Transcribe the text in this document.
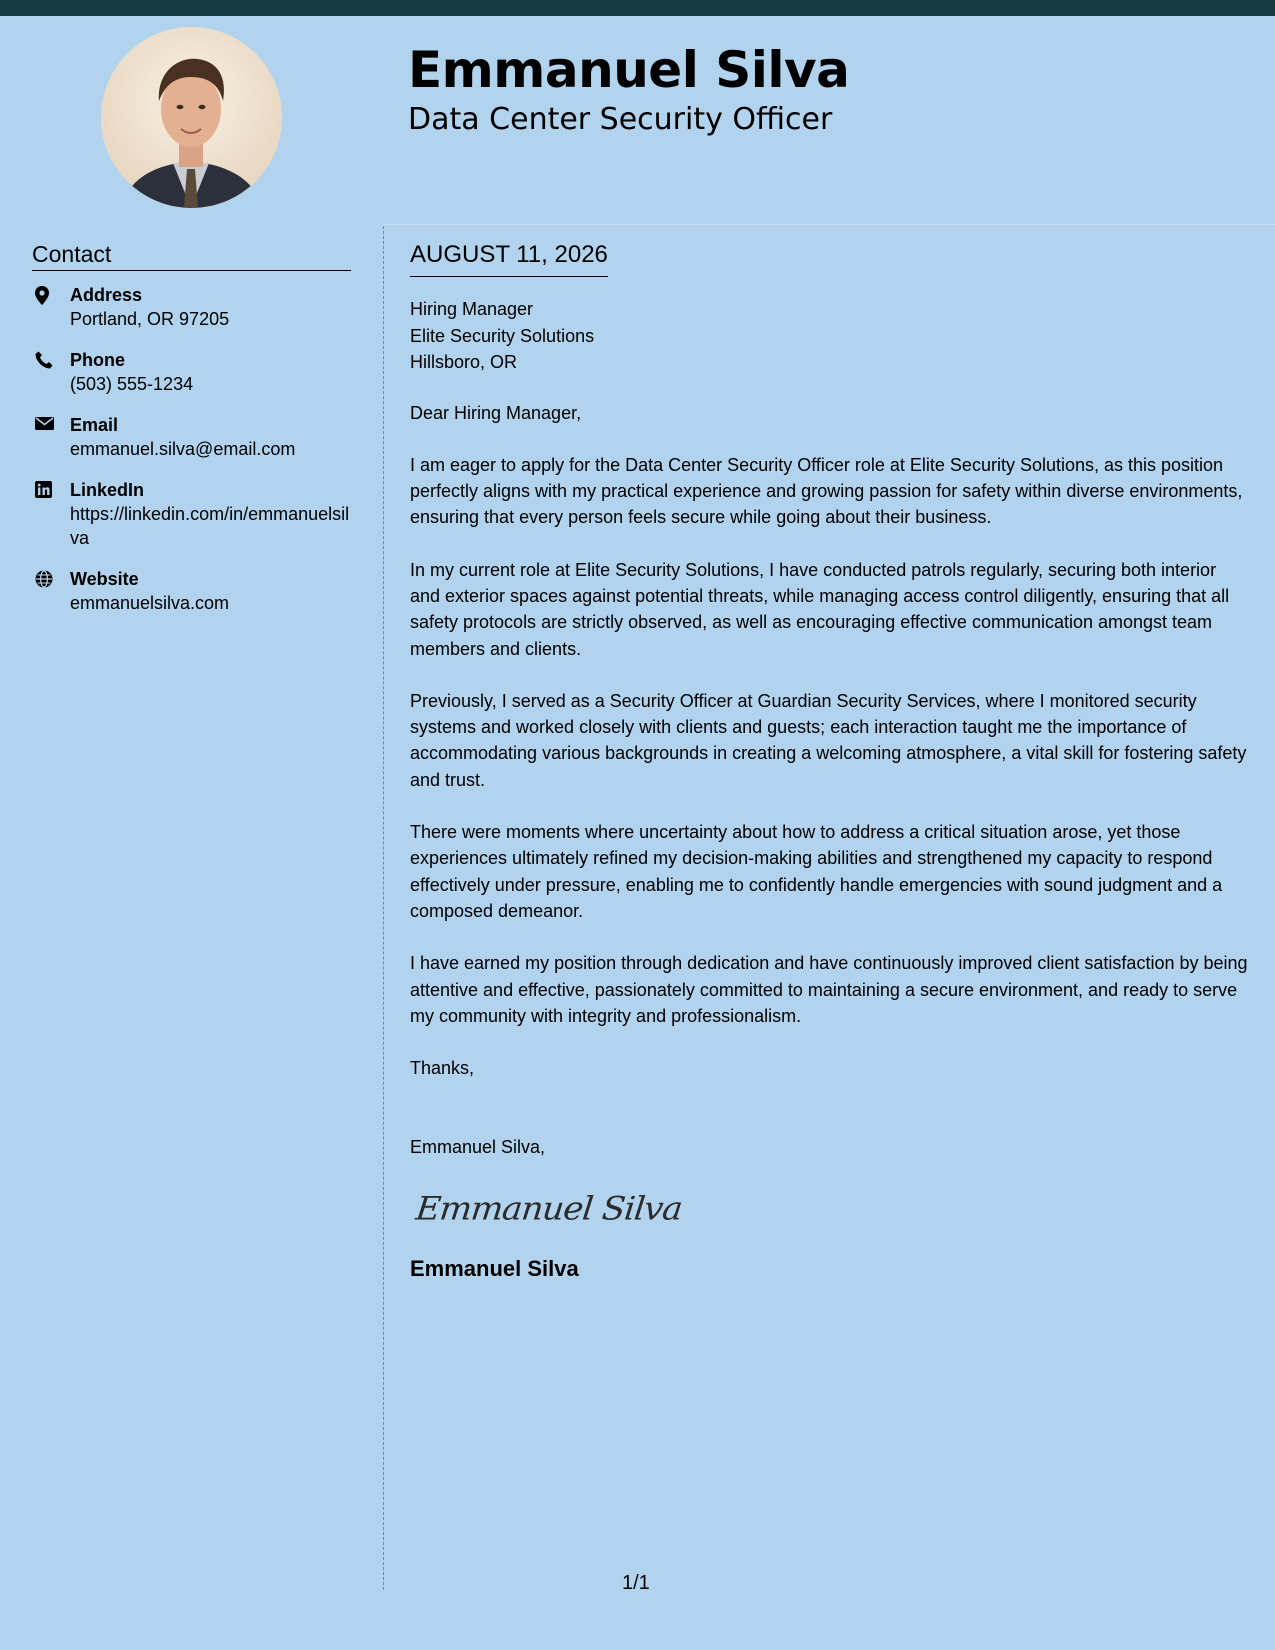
Emmanuel Silva
Data Center Security Officer
Contact
Address
Portland, OR 97205
Phone
(503) 555-1234
Email
emmanuel.silva@email.com
LinkedIn
https://linkedin.com/in/emmanuelsilva
Website
emmanuelsilva.com
AUGUST 11, 2026
Hiring Manager
Elite Security Solutions
Hillsboro, OR

Dear Hiring Manager,

I am eager to apply for the Data Center Security Officer role at Elite Security Solutions, as this position perfectly aligns with my practical experience and growing passion for safety within diverse environments, ensuring that every person feels secure while going about their business.

In my current role at Elite Security Solutions, I have conducted patrols regularly, securing both interior and exterior spaces against potential threats, while managing access control diligently, ensuring that all safety protocols are strictly observed, as well as encouraging effective communication amongst team members and clients.

Previously, I served as a Security Officer at Guardian Security Services, where I monitored security systems and worked closely with clients and guests; each interaction taught me the importance of accommodating various backgrounds in creating a welcoming atmosphere, a vital skill for fostering safety and trust.

There were moments where uncertainty about how to address a critical situation arose, yet those experiences ultimately refined my decision-making abilities and strengthened my capacity to respond effectively under pressure, enabling me to confidently handle emergencies with sound judgment and a composed demeanor.

I have earned my position through dedication and have continuously improved client satisfaction by being attentive and effective, passionately committed to maintaining a secure environment, and ready to serve my community with integrity and professionalism.

Thanks,

Emmanuel Silva,

Emmanuel Silva
Emmanuel Silva
1/1
